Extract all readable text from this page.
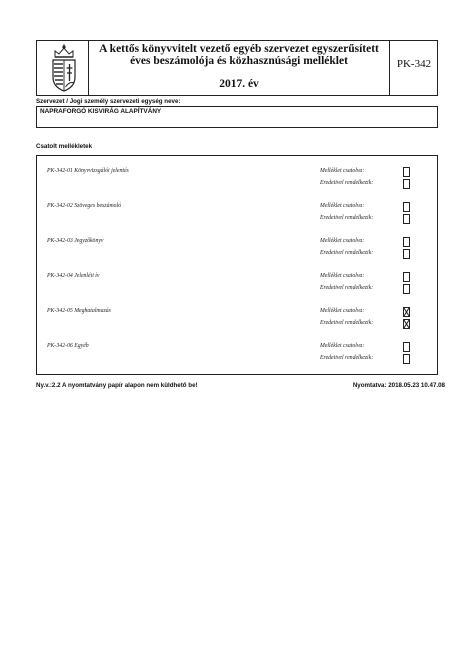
A kettős könyvvitelt vezető egyéb szervezet egyszerűsített
éves beszámolója és közhasznúsági melléklet
2017. év
PK-342
Szervezet / Jogi személy szervezeti egység neve:
NAPRAFORGÓ KISVIRÁG ALAPÍTVÁNY
Csatolt mellékletek
PK-342-01 Könyvvizsgálói jelentés	Melléklet csatolva:
Eredetivel rendelkezik:
PK-342-02 Szöveges beszámoló	Melléklet csatolva:
Eredetivel rendelkezik:
PK-342-03 Jegyzőkönyv	Melléklet csatolva:
Eredetivel rendelkezik:
PK-342-04 Jelenléti ív	Melléklet csatolva:
Eredetivel rendelkezik:
PK-342-05 Meghatalmazás	Melléklet csatolva:
Eredetivel rendelkezik:
PK-342-06 Egyéb	Melléklet csatolva:
Eredetivel rendelkezik:
Ny.v.:2.2 A nyomtatvány papír alapon nem küldhető be!	Nyomtatva: 2018.05.23 10.47.08
